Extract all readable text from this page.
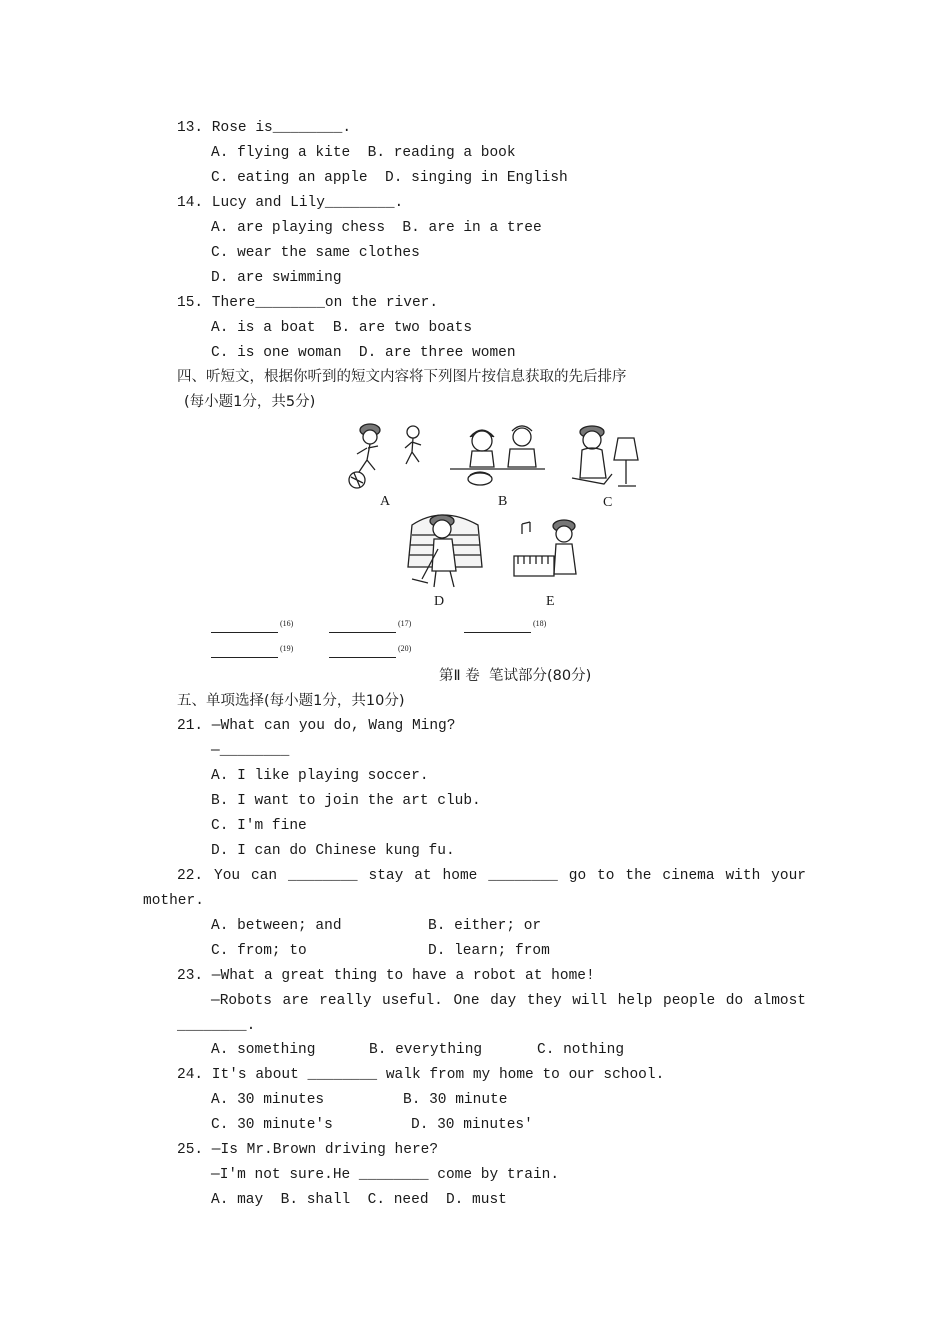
13. Rose is________.
A. flying a kite  B. reading a book
C. eating an apple  D. singing in English
14. Lucy and Lily________.
A. are playing chess  B. are in a tree
C. wear the same clothes
D. are swimming
15. There________on the river.
A. is a boat  B. are two boats
C. is one woman  D. are three women
四、听短文，根据你听到的短文内容将下列图片按信息获取的先后排序
(每小题1分，共5分)
A	B	C
D	E
(16)	(17)	(18)
(19)	(20)
第Ⅱ 卷  笔试部分(80分)
五、单项选择(每小题1分，共10分)
21. —What can you do, Wang Ming?
—________
A. I like playing soccer.
B. I want to join the art club.
C. I'm fine
D. I can do Chinese kung fu.
22. You can ________ stay at home ________ go to the cinema with your
mother.
A. between; and	B. either; or
C. from; to	D. learn; from
23. —What a great thing to have a robot at home!
—Robots are really useful. One day they will help people do almost
________.
A. something	B. everything	C. nothing
24. It's about ________ walk from my home to our school.
A. 30 minutes	B. 30 minute
C. 30 minute's	D. 30 minutes'
25. —Is Mr.Brown driving here?
—I'm not sure.He ________ come by train.
A. may  B. shall  C. need  D. must
